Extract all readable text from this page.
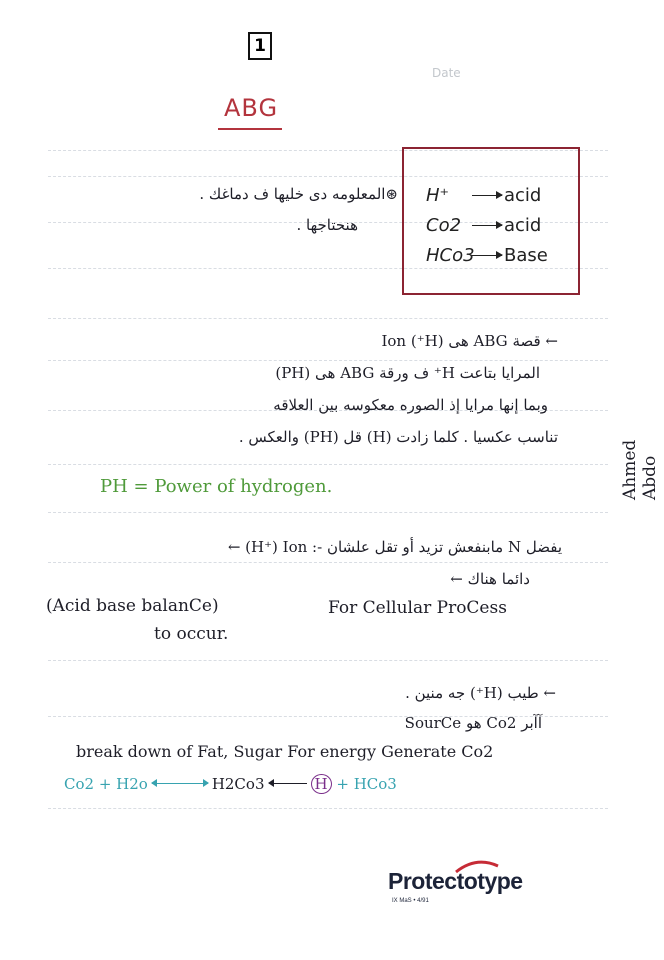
1
Date
ABG
⊛المعلومه دى خليها ف دماغك .
هنحتاجها .
H⁺	acid
Co2 acid
HCo3 Base
← قصة ABG هى (H⁺) Ion
المرايا بتاعت H⁺ ف ورقة ABG هى (PH)
وبما إنها مرايا إذ الصوره معكوسه بين العلاقه
تناسب عكسيا . كلما زادت (H) قل (PH) والعكس .
PH = Power of hydrogen.
← (H⁺) Ion :- مابنفعش تزيد أو تقل علشان N يفضل
دائما هناك ←
(Acid base balanCe)	For Cellular ProCess
to occur.
← طيب (H⁺) جه منين .
آآبر Co2 هو SourCe
break down of Fat, Sugar For energy Generate Co2
Co2 + H2o	H2Co3	H + HCo3
Ahmed Abdo
Protectotype
IX MaS • 4/91
